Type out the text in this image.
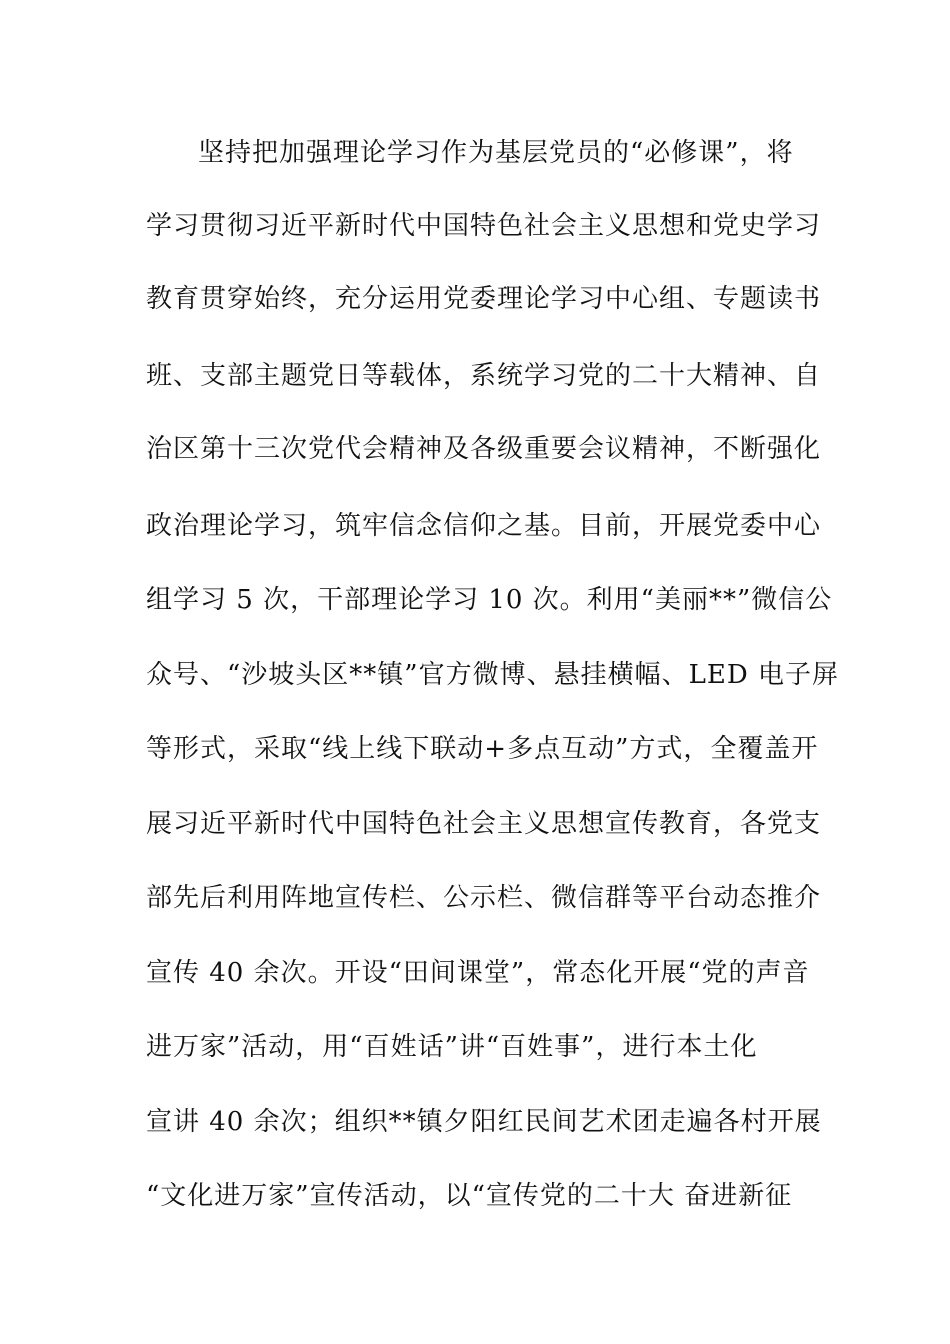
坚持把加强理论学习作为基层党员的“必修课”，将
学习贯彻习近平新时代中国特色社会主义思想和党史学习
教育贯穿始终，充分运用党委理论学习中心组、专题读书
班、支部主题党日等载体，系统学习党的二十大精神、自
治区第十三次党代会精神及各级重要会议精神，不断强化
政治理论学习，筑牢信念信仰之基。目前，开展党委中心
组学习 5 次，干部理论学习 10 次。利用“美丽**”微信公
众号、“沙坡头区**镇”官方微博、悬挂横幅、LED 电子屏
等形式，采取“线上线下联动+多点互动”方式，全覆盖开
展习近平新时代中国特色社会主义思想宣传教育，各党支
部先后利用阵地宣传栏、公示栏、微信群等平台动态推介
宣传 40 余次。开设“田间课堂”，常态化开展“党的声音
进万家”活动，用“百姓话”讲“百姓事”，进行本土化
宣讲 40 余次；组织**镇夕阳红民间艺术团走遍各村开展
“文化进万家”宣传活动，以“宣传党的二十大 奋进新征
